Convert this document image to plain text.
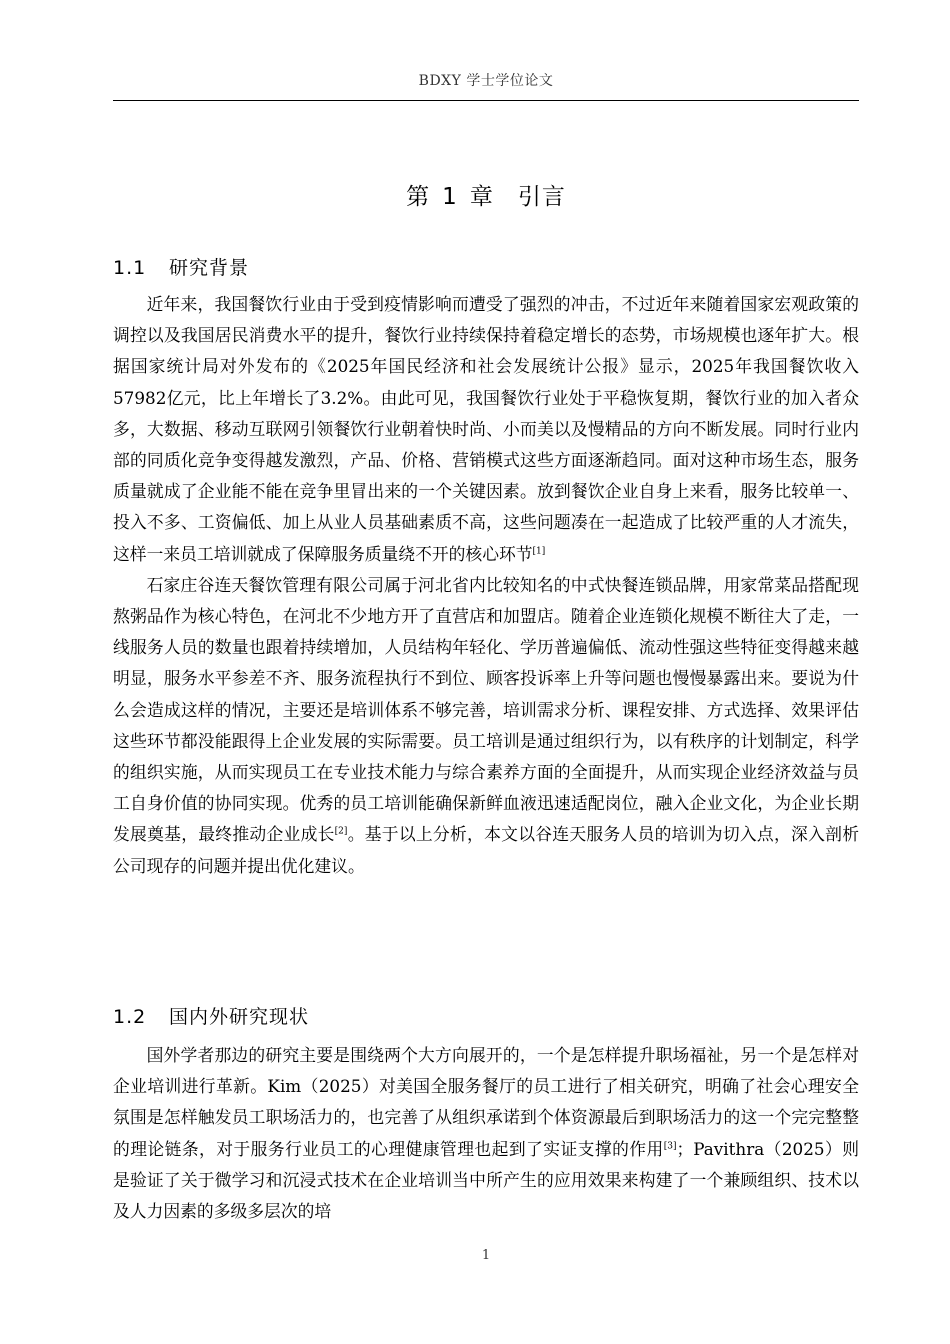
BDXY 学士学位论文
第 1 章 引言
1.1 研究背景

近年来，我国餐饮行业由于受到疫情影响而遭受了强烈的冲击，不过近年来随着国家宏观政策的调控以及我国居民消费水平的提升，餐饮行业持续保持着稳定增长的态势，市场规模也逐年扩大。根据国家统计局对外发布的《2025年国民经济和社会发展统计公报》显示，2025年我国餐饮收入57982亿元，比上年增长了3.2%。由此可见，我国餐饮行业处于平稳恢复期，餐饮行业的加入者众多，大数据、移动互联网引领餐饮行业朝着快时尚、小而美以及慢精品的方向不断发展。同时行业内部的同质化竞争变得越发激烈，产品、价格、营销模式这些方面逐渐趋同。面对这种市场生态，服务质量就成了企业能不能在竞争里冒出来的一个关键因素。放到餐饮企业自身上来看，服务比较单一、投入不多、工资偏低、加上从业人员基础素质不高，这些问题凑在一起造成了比较严重的人才流失，这样一来员工培训就成了保障服务质量绕不开的核心环节[1]

石家庄谷连天餐饮管理有限公司属于河北省内比较知名的中式快餐连锁品牌，用家常菜品搭配现熬粥品作为核心特色，在河北不少地方开了直营店和加盟店。随着企业连锁化规模不断往大了走，一线服务人员的数量也跟着持续增加，人员结构年轻化、学历普遍偏低、流动性强这些特征变得越来越明显，服务水平参差不齐、服务流程执行不到位、顾客投诉率上升等问题也慢慢暴露出来。要说为什么会造成这样的情况，主要还是培训体系不够完善，培训需求分析、课程安排、方式选择、效果评估这些环节都没能跟得上企业发展的实际需要。员工培训是通过组织行为，以有秩序的计划制定，科学的组织实施，从而实现员工在专业技术能力与综合素养方面的全面提升，从而实现企业经济效益与员工自身价值的协同实现。优秀的员工培训能确保新鲜血液迅速适配岗位，融入企业文化，为企业长期发展奠基，最终推动企业成长[2]。基于以上分析，本文以谷连天服务人员的培训为切入点，深入剖析公司现存的问题并提出优化建议。

1.2 国内外研究现状

国外学者那边的研究主要是围绕两个大方向展开的，一个是怎样提升职场福祉，另一个是怎样对企业培训进行革新。Kim（2025）对美国全服务餐厅的员工进行了相关研究，明确了社会心理安全氛围是怎样触发员工职场活力的，也完善了从组织承诺到个体资源最后到职场活力的这一个完完整整的理论链条，对于服务行业员工的心理健康管理也起到了实证支撑的作用[3]；Pavithra（2025）则是验证了关于微学习和沉浸式技术在企业培训当中所产生的应用效果来构建了一个兼顾组织、技术以及人力因素的多级多层次的培

1
